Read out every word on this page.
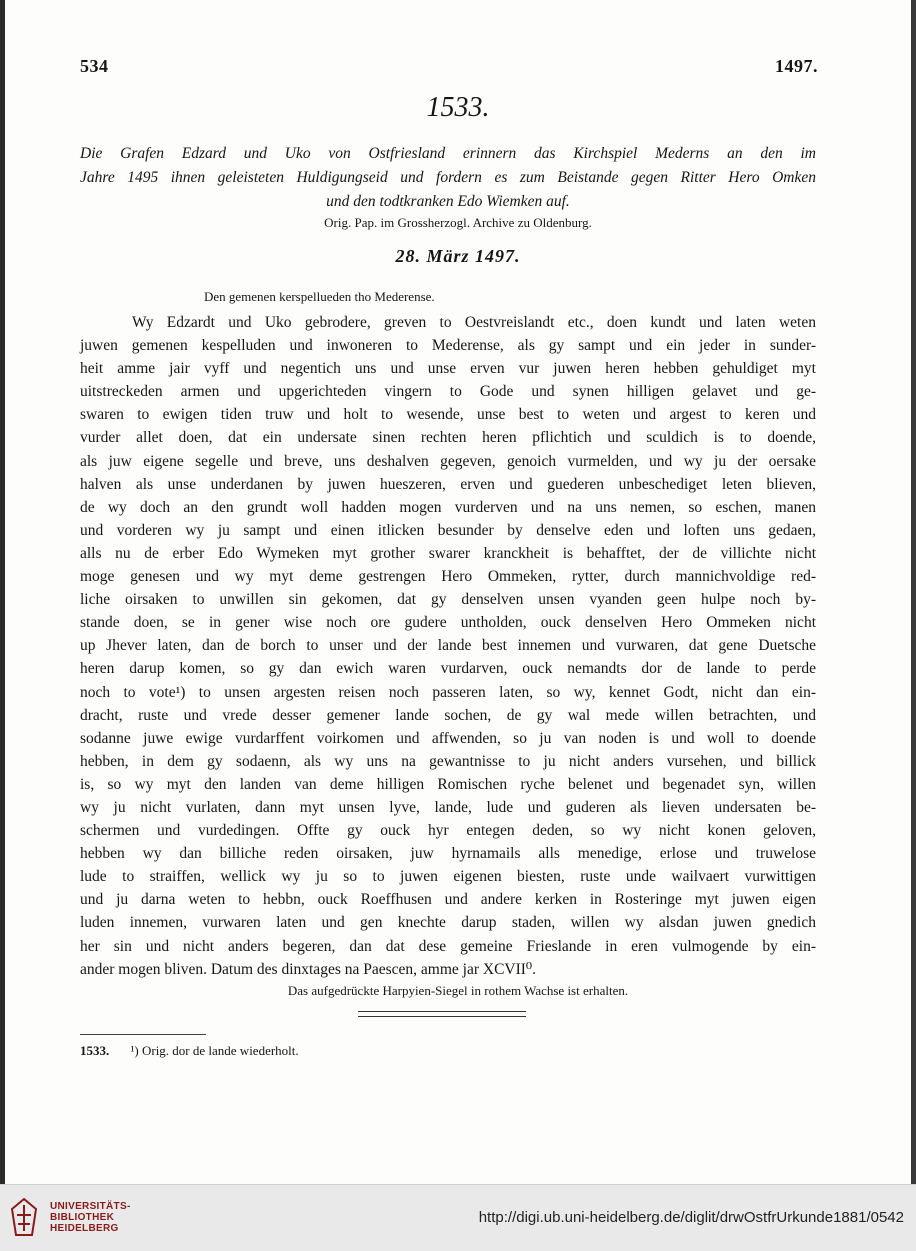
534	1497.
1533.
Die Grafen Edzard und Uko von Ostfriesland erinnern das Kirchspiel Mederns an den im
Jahre 1495 ihnen geleisteten Huldigungseid und fordern es zum Beistande gegen Ritter Hero Omken
und den todtkranken Edo Wiemken auf.
Orig. Pap. im Grossherzogl. Archive zu Oldenburg.
28. März 1497.
Den gemenen kerspellueden tho Mederense.
Wy Edzardt und Uko gebrodere, greven to Oestvreislandt etc., doen kundt und laten weten
juwen gemenen kespelluden und inwoneren to Mederense, als gy sampt und ein jeder in sunder-
heit amme jair vyff und negentich uns und unse erven vur juwen heren hebben gehuldiget myt
uitstreckeden armen und upgerichteden vingern to Gode und synen hilligen gelavet und ge-
swaren to ewigen tiden truw und holt to wesende, unse best to weten und argest to keren und
vurder allet doen, dat ein undersate sinen rechten heren pflichtich und sculdich is to doende,
als juw eigene segelle und breve, uns deshalven gegeven, genoich vurmelden, und wy ju der oersake
halven als unse underdanen by juwen hueszeren, erven und guederen unbeschediget leten blieven,
de wy doch an den grundt woll hadden mogen vurderven und na uns nemen, so eschen, manen
und vorderen wy ju sampt und einen itlicken besunder by denselve eden und loften uns gedaen,
alls nu de erber Edo Wymeken myt grother swarer kranckheit is behafftet, der de villichte nicht
moge genesen und wy myt deme gestrengen Hero Ommeken, rytter, durch mannichvoldige red-
liche oirsaken to unwillen sin gekomen, dat gy denselven unsen vyanden geen hulpe noch by-
stande doen, se in gener wise noch ore gudere untholden, ouck denselven Hero Ommeken nicht
up Jhever laten, dan de borch to unser und der lande best innemen und vurwaren, dat gene Duetsche
heren darup komen, so gy dan ewich waren vurdarven, ouck nemandts dor de lande to perde
noch to vote¹) to unsen argesten reisen noch passeren laten, so wy, kennet Godt, nicht dan ein-
dracht, ruste und vrede desser gemener lande sochen, de gy wal mede willen betrachten, und
sodanne juwe ewige vurdarffent voirkomen und affwenden, so ju van noden is und woll to doende
hebben, in dem gy sodaenn, als wy uns na gewantnisse to ju nicht anders vursehen, und billick
is, so wy myt den landen van deme hilligen Romischen ryche belenet und begenadet syn, willen
wy ju nicht vurlaten, dann myt unsen lyve, lande, lude und guderen als lieven undersaten be-
schermen und vurdedingen. Offte gy ouck hyr entegen deden, so wy nicht konen geloven,
hebben wy dan billiche reden oirsaken, juw hyrnamails alls menedige, erlose und truwelose
lude to straiffen, wellick wy ju so to juwen eigenen biesten, ruste unde wailvaert vurwittigen
und ju darna weten to hebbn, ouck Roeffhusen und andere kerken in Rosteringe myt juwen eigen
luden innemen, vurwaren laten und gen knechte darup staden, willen wy alsdan juwen gnedich
her sin und nicht anders begeren, dan dat dese gemeine Frieslande in eren vulmogende by ein-
ander mogen bliven. Datum des dinxtages na Paescen, amme jar XCVII⁰.
Das aufgedrückte Harpyien-Siegel in rothem Wachse ist erhalten.
1533. ¹) Orig. dor de lande wiederholt.
UNIVERSITÄTS-
BIBLIOTHEK
HEIDELBERG
http://digi.ub.uni-heidelberg.de/diglit/drwOstfrUrkunde1881/0542
